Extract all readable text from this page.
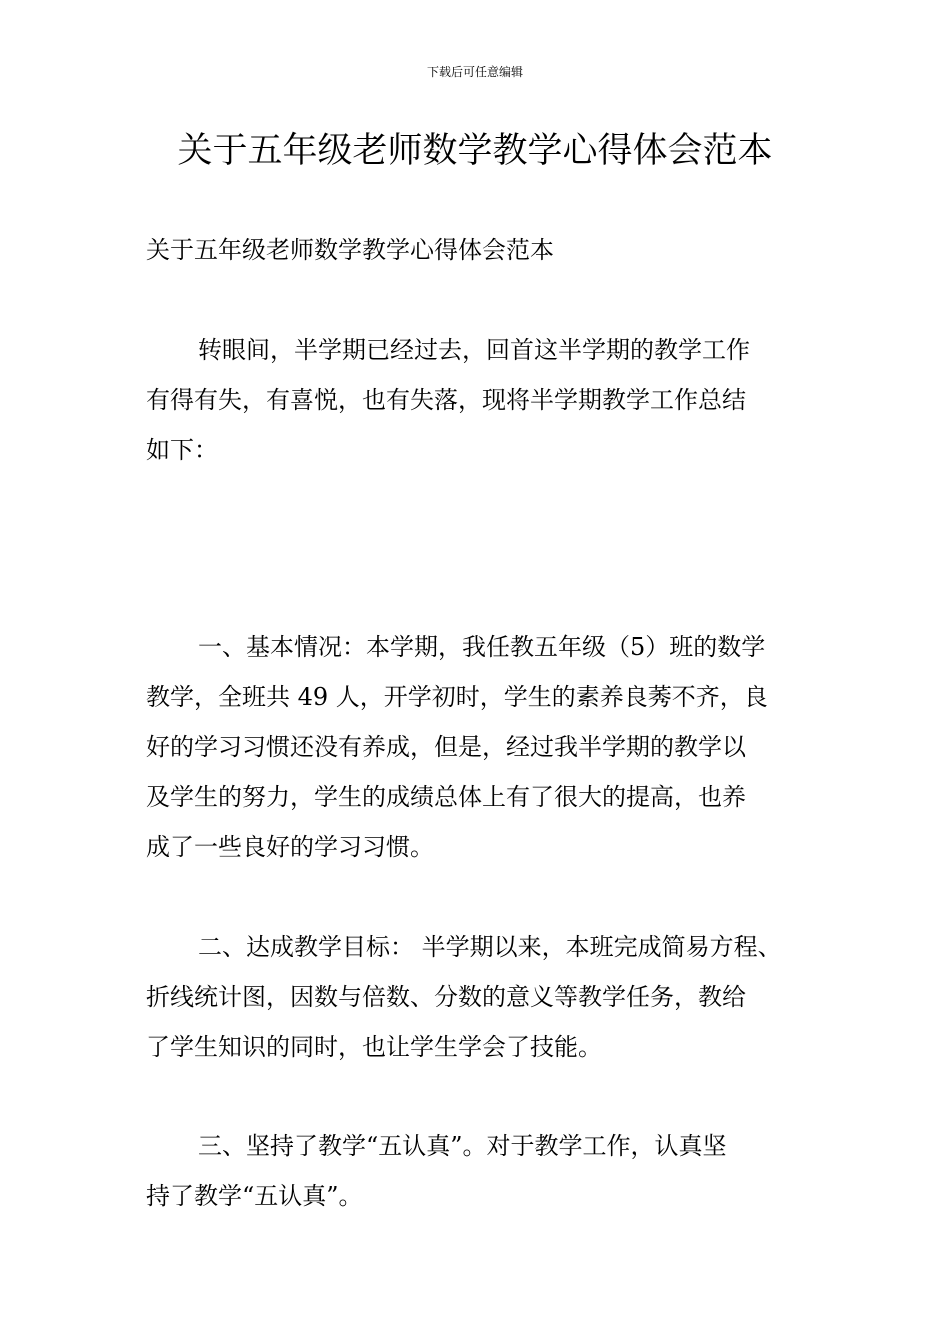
下载后可任意编辑
关于五年级老师数学教学心得体会范本
关于五年级老师数学教学心得体会范本

转眼间，半学期已经过去，回首这半学期的教学工作
有得有失，有喜悦，也有失落，现将半学期教学工作总结
如下：

一、基本情况：本学期，我任教五年级（5）班的数学
教学，全班共 49 人，开学初时，学生的素养良莠不齐，良
好的学习习惯还没有养成，但是，经过我半学期的教学以
及学生的努力，学生的成绩总体上有了很大的提高，也养
成了一些良好的学习习惯。

二、达成教学目标： 半学期以来，本班完成简易方程、
折线统计图，因数与倍数、分数的意义等教学任务，教给
了学生知识的同时，也让学生学会了技能。

三、坚持了教学“五认真”。对于教学工作，认真坚
持了教学“五认真”。
